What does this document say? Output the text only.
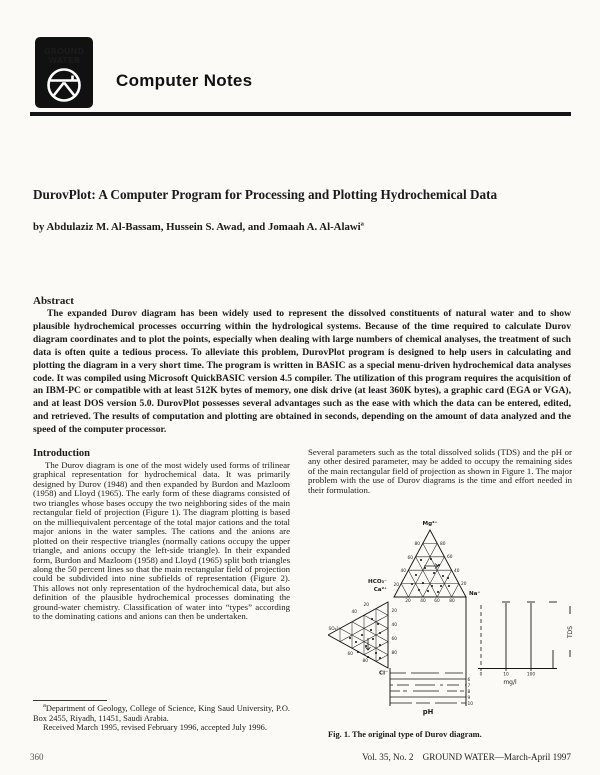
GROUND
WATER
Computer Notes
DurovPlot: A Computer Program for Processing and Plotting Hydrochemical Data
by Abdulaziz M. Al-Bassam, Hussein S. Awad, and Jomaah A. Al-Alawi$^a$
Abstract

The expanded Durov diagram has been widely used to represent the dissolved constituents of natural water and to show plausible hydrochemical processes occurring within the hydrological systems. Because of the time required to calculate Durov diagram coordinates and to plot the points, especially when dealing with large numbers of chemical analyses, the treatment of such data is often quite a tedious process. To alleviate this problem, DurovPlot program is designed to help users in calculating and plotting the diagram in a very short time. The program is written in BASIC as a special menu-driven hydrochemical data analyses code. It was compiled using Microsoft QuickBASIC version 4.5 compiler. The utilization of this program requires the acquisition of an IBM-PC or compatible with at least 512K bytes of memory, one disk drive (at least 360K bytes), a graphic card (EGA or VGA), and at least DOS version 5.0. DurovPlot possesses several advantages such as the ease with which the data can be entered, edited, and retrieved. The results of computation and plotting are obtained in seconds, depending on the amount of data analyzed and the speed of the computer processor.

Introduction

The Durov diagram is one of the most widely used forms of trilinear graphical representation for hydrochemical data. It was primarily designed by Durov (1948) and then expanded by Burdon and Mazloom (1958) and Lloyd (1965). The early form of these diagrams consisted of two triangles whose bases occupy the two neighboring sides of the main rectangular field of projection (Figure 1). The diagram plotting is based on the milliequivalent percentage of the total major cations and the total major anions in the water samples. The cations and the anions are plotted on their respective triangles (normally cations occupy the upper triangle, and anions occupy the left-side triangle). In their expanded form, Burdon and Mazloom (1958) and Lloyd (1965) split both triangles along the 50 percent lines so that the main rectangular field of projection could be subdivided into nine subfields of representation (Figure 2). This allows not only representation of the hydrochemical data, but also definition of the plausible hydrochemical processes dominating the ground-water chemistry. Classification of water into “types” according to the dominating cations and anions can then be undertaken.

$^a$Department of Geology, College of Science, King Saud University, P.O. Box 2455, Riyadh, 11451, Saudi Arabia.

Received March 1995, revised February 1996, accepted July 1996.

Several parameters such as the total dissolved solids (TDS) and the pH or any other desired parameter, may be added to occupy the remaining sides of the main rectangular field of projection as shown in Figure 1. The major problem with the use of Durov diagrams is the time and effort needed in their formulation.

Mg²⁺
Na⁺
HCO₃⁻
Ca²⁺
Cl⁻
SO₄²⁻
80
60
40
20
20 40 60 80
20
40
60
80
20
40	20
40
60
80
60
80
6
7
8
9
10
0	10	100
pH
mg/l
TDS

Fig. 1. The original type of Durov diagram.

360	Vol. 35, No. 2    GROUND WATER—March-April 1997
